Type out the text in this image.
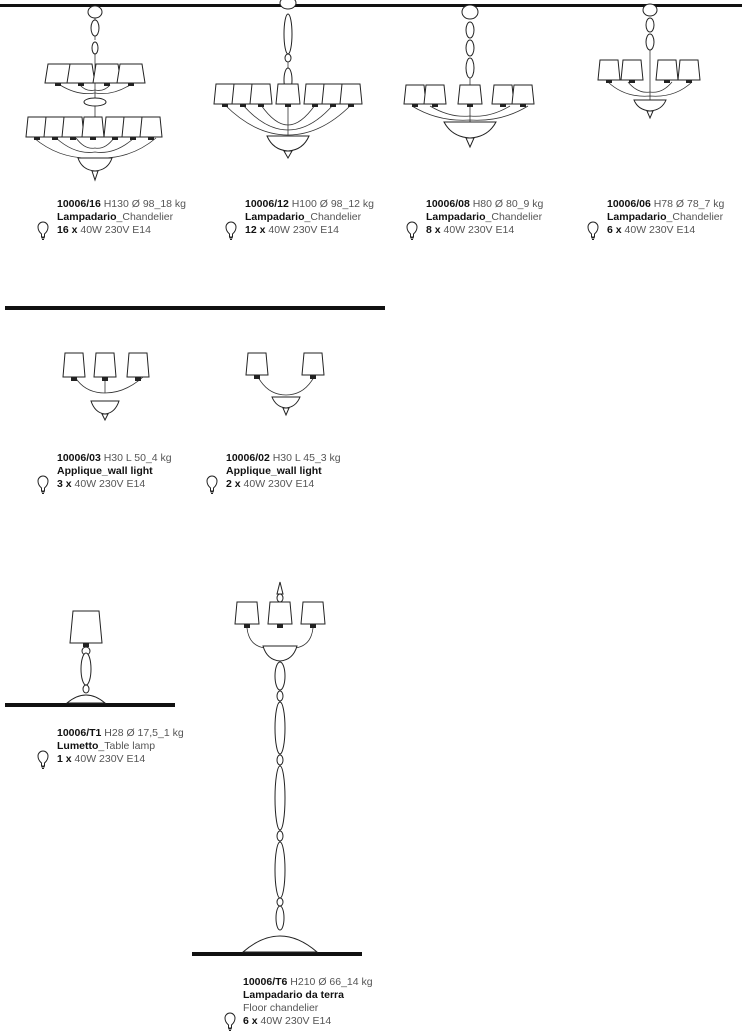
10006/16 H130 Ø 98_18 kg
Lampadario_Chandelier
16 x 40W 230V E14
10006/12 H100 Ø 98_12 kg
Lampadario_Chandelier
12 x 40W 230V E14
10006/08 H80 Ø 80_9 kg
Lampadario_Chandelier
8 x 40W 230V E14
10006/06 H78 Ø 78_7 kg
Lampadario_Chandelier
6 x 40W 230V E14
10006/03 H30 L 50_4 kg
Applique_wall light
3 x 40W 230V E14
10006/02 H30 L 45_3 kg
Applique_wall light
2 x 40W 230V E14
10006/T1 H28 Ø 17,5_1 kg
Lumetto_Table lamp
1 x 40W 230V E14
10006/T6 H210 Ø 66_14 kg
Lampadario da terra
Floor chandelier
6 x 40W 230V E14
